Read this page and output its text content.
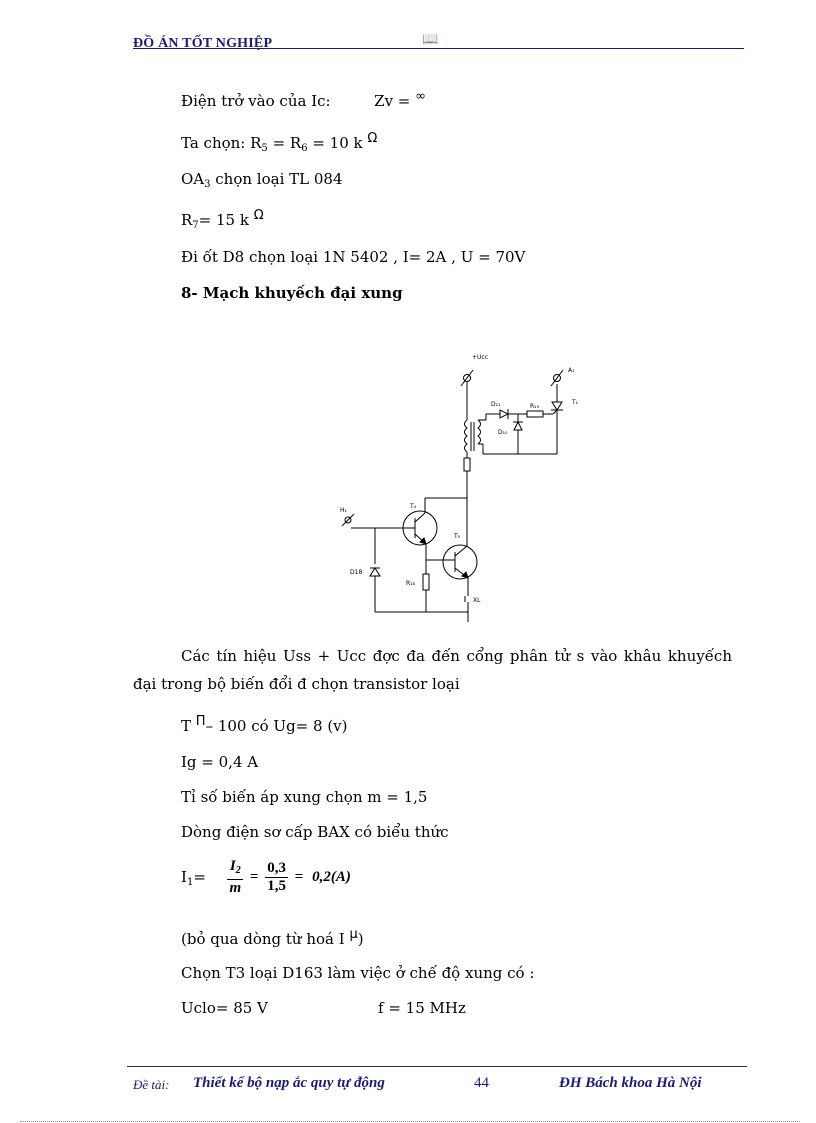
ĐỒ ÁN TỐT NGHIỆP	📖
Điện trở vào của Ic:	Zv = ∞
Ta chọn: $R_5 = R_6 = 10$ k Ω
$OA_3$ chọn loại TL 084
$R_7= 15$ k Ω
Đi ốt D8 chọn loại 1N 5402 , I= 2A , U = 70V
8- Mạch khuyếch đại xung
+Ucc
A₁
T₁
D₁₁	R₁₉
D₁₀
H₁
T₄
T₅
D18
R₁₈
XL
Các tín hiệu Uss + Ucc đợc đa đến cổng phân tử s vào khâu khuyếch đại trong bộ biến đổi đ chọn transistor loại
T Π– 100 có Ug= 8 (v)
Ig = 0,4 A
Tỉ số biến áp xung chọn m = 1,5
Dòng điện sơ cấp BAX có biểu thức
$I_1= \frac{I_2}{m} = \frac{0,3}{1,5} = 0,2(A)$
(bỏ qua dòng từ hoá I μ)
Chọn T3 loại D163 làm việc ở chế độ xung có :
Uclo= 85 V	f = 15 MHz
Đề tài: Thiết kế bộ nạp ắc quy tự động	44	ĐH Bách khoa Hà Nội
